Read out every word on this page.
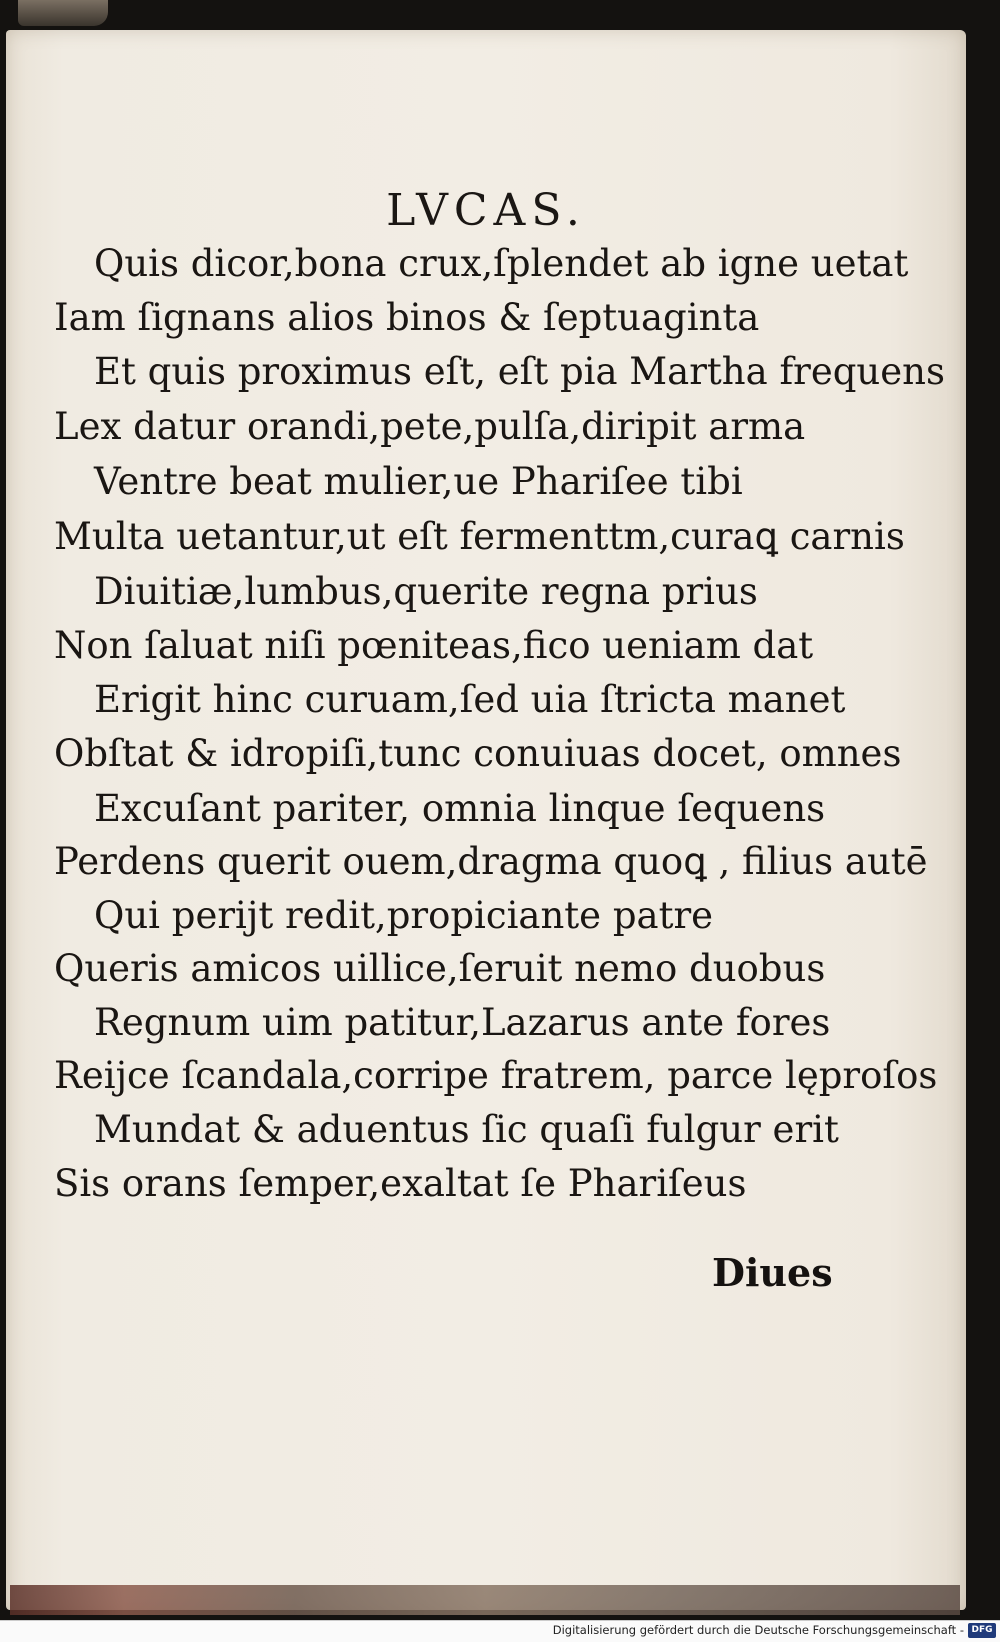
LVCAS.
Quis dicor,bona crux,ſplendet ab igne uetat
Iam ſignans alios binos & ſeptuaginta
Et quis proximus eſt, eſt pia Martha frequens
Lex datur orandi,pete,pulſa,diripit arma
Ventre beat mulier,ue Phariſee tibi
Multa uetantur,ut eſt fermenttm,curaꝗ carnis
Diuitiæ,lumbus,querite regna prius
Non ſaluat niſi pœniteas,fico ueniam dat
Erigit hinc curuam,ſed uia ſtricta manet
Obſtat & idropiſi,tunc conuiuas docet, omnes
Excuſant pariter, omnia linque ſequens
Perdens querit ouem,dragma quoꝗ , filius autē
Qui perijt redit,propiciante patre
Queris amicos uillice,ſeruit nemo duobus
Regnum uim patitur,Lazarus ante fores
Reijce ſcandala,corripe fratrem, parce lęproſos
Mundat & aduentus ſic quaſi fulgur erit
Sis orans ſemper,exaltat ſe Phariſeus
Diues
Digitalisierung gefördert durch die Deutsche Forschungsgemeinschaft - DFG
